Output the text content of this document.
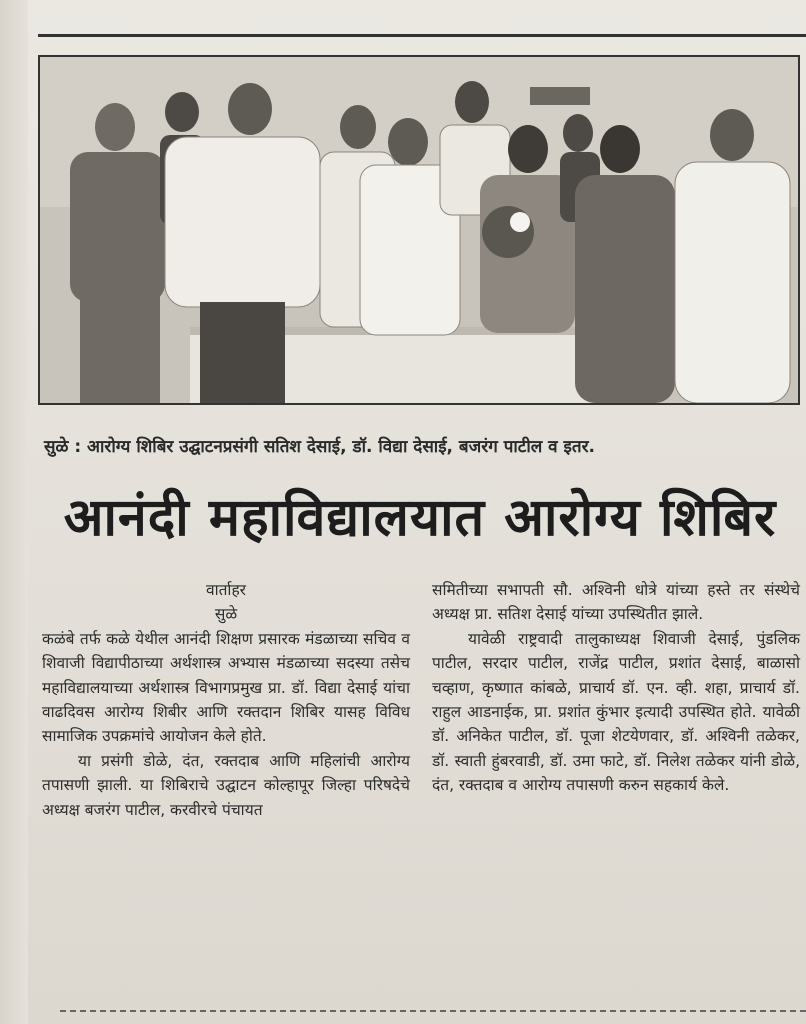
सुळे : आरोग्य शिबिर उद्घाटनप्रसंगी सतिश देसाई, डॉ. विद्या देसाई, बजरंग पाटील व इतर.
आनंदी महाविद्यालयात आरोग्य शिबिर
वार्ताहर
सुळे

कळंबे तर्फ कळे येथील आनंदी शिक्षण प्रसारक मंडळाच्या सचिव व शिवाजी विद्यापीठाच्या अर्थशास्त्र अभ्यास मंडळाच्या सदस्या तसेच महाविद्यालयाच्या अर्थशास्त्र विभागप्रमुख प्रा. डॉ. विद्या देसाई यांचा वाढदिवस आरोग्य शिबीर आणि रक्तदान शिबिर यासह विविध सामाजिक उपक्रमांचे आयोजन केले होते.

या प्रसंगी डोळे, दंत, रक्तदाब आणि महिलांची आरोग्य तपासणी झाली. या शिबिराचे उद्घाटन कोल्हापूर जिल्हा परिषदेचे अध्यक्ष बजरंग पाटील, करवीरचे पंचायत

समितीच्या सभापती सौ. अश्विनी धोत्रे यांच्या हस्ते तर संस्थेचे अध्यक्ष प्रा. सतिश देसाई यांच्या उपस्थितीत झाले.

यावेळी राष्ट्रवादी तालुकाध्यक्ष शिवाजी देसाई, पुंडलिक पाटील, सरदार पाटील, राजेंद्र पाटील, प्रशांत देसाई, बाळासो चव्हाण, कृष्णात कांबळे, प्राचार्य डॉ. एन. व्ही. शहा, प्राचार्य डॉ. राहुल आडनाईक, प्रा. प्रशांत कुंभार इत्यादी उपस्थित होते. यावेळी डॉ. अनिकेत पाटील, डॉ. पूजा शेटयेणवार, डॉ. अश्विनी तळेकर, डॉ. स्वाती हुंबरवाडी, डॉ. उमा फाटे, डॉ. निलेश तळेकर यांनी डोळे, दंत, रक्तदाब व आरोग्य तपासणी करुन सहकार्य केले.
